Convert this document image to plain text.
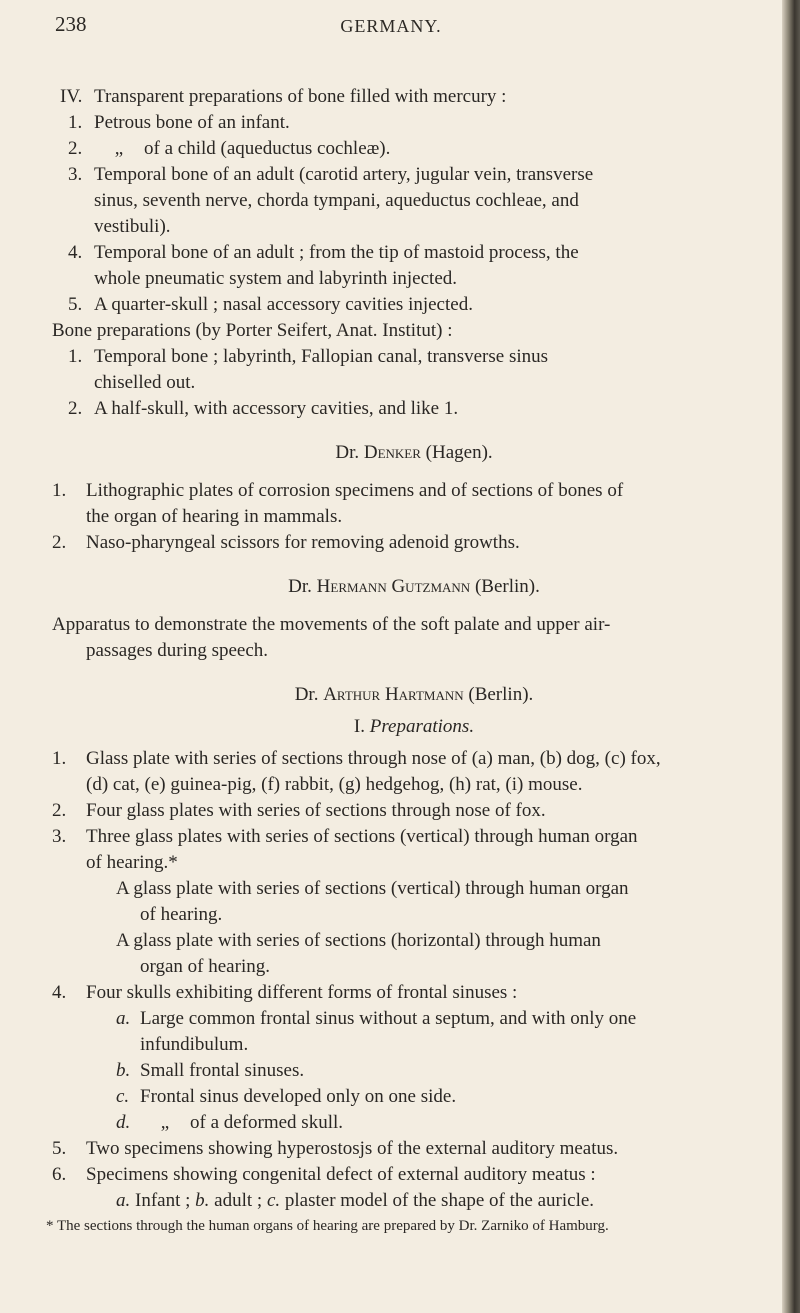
238	GERMANY.
IV. Transparent preparations of bone filled with mercury :
1. Petrous bone of an infant.
2. „ of a child (aqueductus cochleæ).
3. Temporal bone of an adult (carotid artery, jugular vein, transverse
sinus, seventh nerve, chorda tympani, aqueductus cochleae, and
vestibuli).
4. Temporal bone of an adult ; from the tip of mastoid process, the
whole pneumatic system and labyrinth injected.
5. A quarter-skull ; nasal accessory cavities injected.
Bone preparations (by Porter Seifert, Anat. Institut) :
1. Temporal bone ; labyrinth, Fallopian canal, transverse sinus
chiselled out.
2. A half-skull, with accessory cavities, and like 1.
Dr. Denker (Hagen).
1. Lithographic plates of corrosion specimens and of sections of bones of
the organ of hearing in mammals.
2. Naso-pharyngeal scissors for removing adenoid growths.
Dr. Hermann Gutzmann (Berlin).
Apparatus to demonstrate the movements of the soft palate and upper air-
passages during speech.
Dr. Arthur Hartmann (Berlin).
I. Preparations.
1. Glass plate with series of sections through nose of (a) man, (b) dog, (c) fox,
(d) cat, (e) guinea-pig, (f) rabbit, (g) hedgehog, (h) rat, (i) mouse.
2. Four glass plates with series of sections through nose of fox.
3. Three glass plates with series of sections (vertical) through human organ
of hearing.*
A glass plate with series of sections (vertical) through human organ
of hearing.
A glass plate with series of sections (horizontal) through human
organ of hearing.
4. Four skulls exhibiting different forms of frontal sinuses :
a. Large common frontal sinus without a septum, and with only one
infundibulum.
b. Small frontal sinuses.
c. Frontal sinus developed only on one side.
d. „ of a deformed skull.
5. Two specimens showing hyperostosjs of the external auditory meatus.
6. Specimens showing congenital defect of external auditory meatus :
a. Infant ; b. adult ; c. plaster model of the shape of the auricle.
* The sections through the human organs of hearing are prepared by Dr. Zarniko of Hamburg.
